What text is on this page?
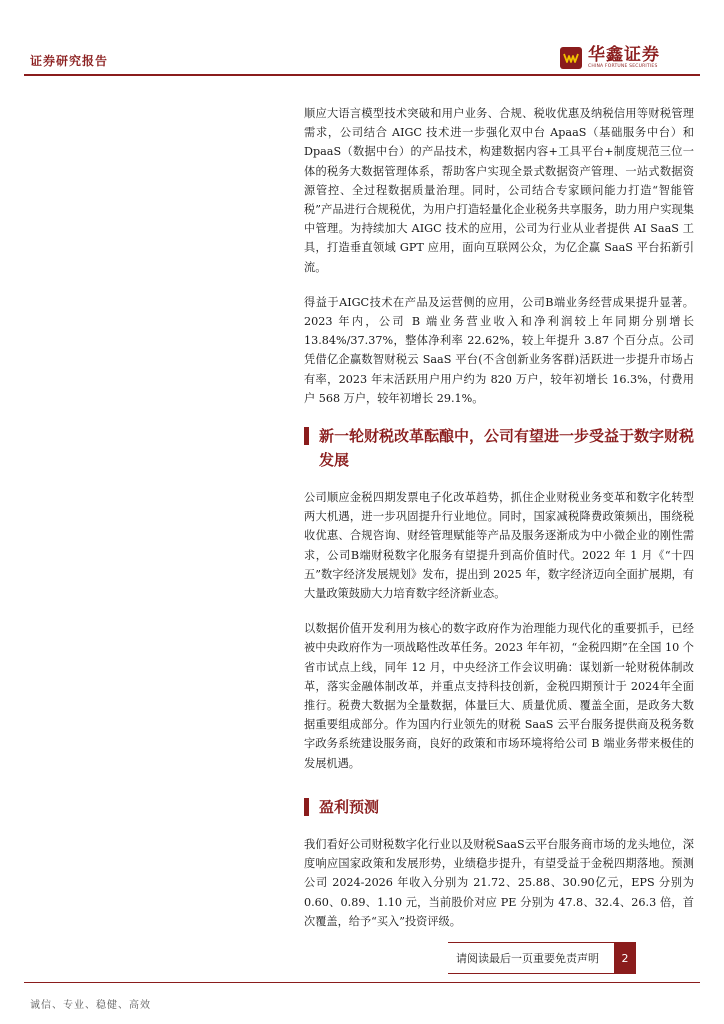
证券研究报告	华鑫证券
CHINA FORTUNE SECURITIES

顺应大语言模型技术突破和用户业务、合规、税收优惠及纳税信用等财税管理需求，公司结合 AIGC 技术进一步强化双中台 ApaaS（基础服务中台）和 DpaaS（数据中台）的产品技术，构建数据内容+工具平台+制度规范三位一体的税务大数据管理体系，帮助客户实现全景式数据资产管理、一站式数据资源管控、全过程数据质量治理。同时，公司结合专家顾问能力打造“智能管税”产品进行合规税优，为用户打造轻量化企业税务共享服务，助力用户实现集中管理。为持续加大 AIGC 技术的应用，公司为行业从业者提供 AI SaaS 工具，打造垂直领域 GPT 应用，面向互联网公众，为亿企赢 SaaS 平台拓新引流。

得益于AIGC技术在产品及运营侧的应用，公司B端业务经营成果提升显著。2023 年内，公司 B 端业务营业收入和净利润较上年同期分别增长 13.84%/37.37%，整体净利率 22.62%，较上年提升 3.87 个百分点。公司凭借亿企赢数智财税云 SaaS 平台(不含创新业务客群)活跃进一步提升市场占有率，2023 年末活跃用户用户约为 820 万户，较年初增长 16.3%，付费用户 568 万户，较年初增长 29.1%。

新一轮财税改革酝酿中，公司有望进一步受益于数字财税发展

公司顺应金税四期发票电子化改革趋势，抓住企业财税业务变革和数字化转型两大机遇，进一步巩固提升行业地位。同时，国家减税降费政策频出，围绕税收优惠、合规咨询、财经管理赋能等产品及服务逐渐成为中小微企业的刚性需求，公司B端财税数字化服务有望提升到高价值时代。2022 年 1 月《“十四五”数字经济发展规划》发布，提出到 2025 年，数字经济迈向全面扩展期，有大量政策鼓励大力培育数字经济新业态。

以数据价值开发利用为核心的数字政府作为治理能力现代化的重要抓手，已经被中央政府作为一项战略性改革任务。2023 年年初，“金税四期”在全国 10 个省市试点上线，同年 12 月，中央经济工作会议明确：谋划新一轮财税体制改革，落实金融体制改革，并重点支持科技创新，金税四期预计于 2024年全面推行。税费大数据为全量数据，体量巨大、质量优质、覆盖全面，是政务大数据重要组成部分。作为国内行业领先的财税 SaaS 云平台服务提供商及税务数字政务系统建设服务商，良好的政策和市场环境将给公司 B 端业务带来极佳的发展机遇。

盈利预测

我们看好公司财税数字化行业以及财税SaaS云平台服务商市场的龙头地位，深度响应国家政策和发展形势，业绩稳步提升，有望受益于金税四期落地。预测公司 2024-2026 年收入分别为 21.72、25.88、30.90亿元，EPS 分别为 0.60、0.89、1.10 元，当前股价对应 PE 分别为 47.8、32.4、26.3 倍，首次覆盖，给予“买入”投资评级。

请阅读最后一页重要免责声明	2
诚信、专业、稳健、高效
